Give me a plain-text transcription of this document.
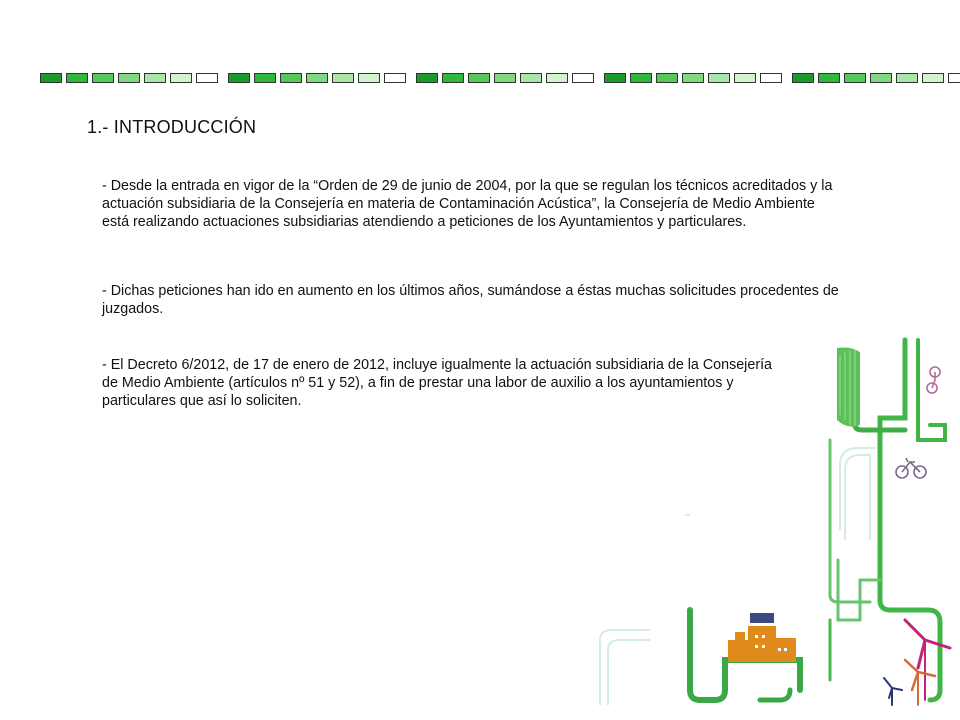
1.- INTRODUCCIÓN
- Desde la entrada en vigor de la “Orden de 29 de junio de 2004, por la que se regulan los técnicos acreditados y la actuación subsidiaria de la Consejería en materia de Contaminación Acústica”, la Consejería de Medio Ambiente está realizando actuaciones subsidiarias atendiendo a peticiones de los Ayuntamientos y particulares.
- Dichas peticiones han ido en aumento en los últimos años, sumándose a éstas muchas solicitudes procedentes de juzgados.
- El Decreto 6/2012, de 17 de enero de 2012, incluye igualmente la actuación subsidiaria de la Consejería de Medio Ambiente (artículos nº 51 y 52), a fin de prestar una labor de auxilio a los ayuntamientos y particulares que así lo soliciten.
